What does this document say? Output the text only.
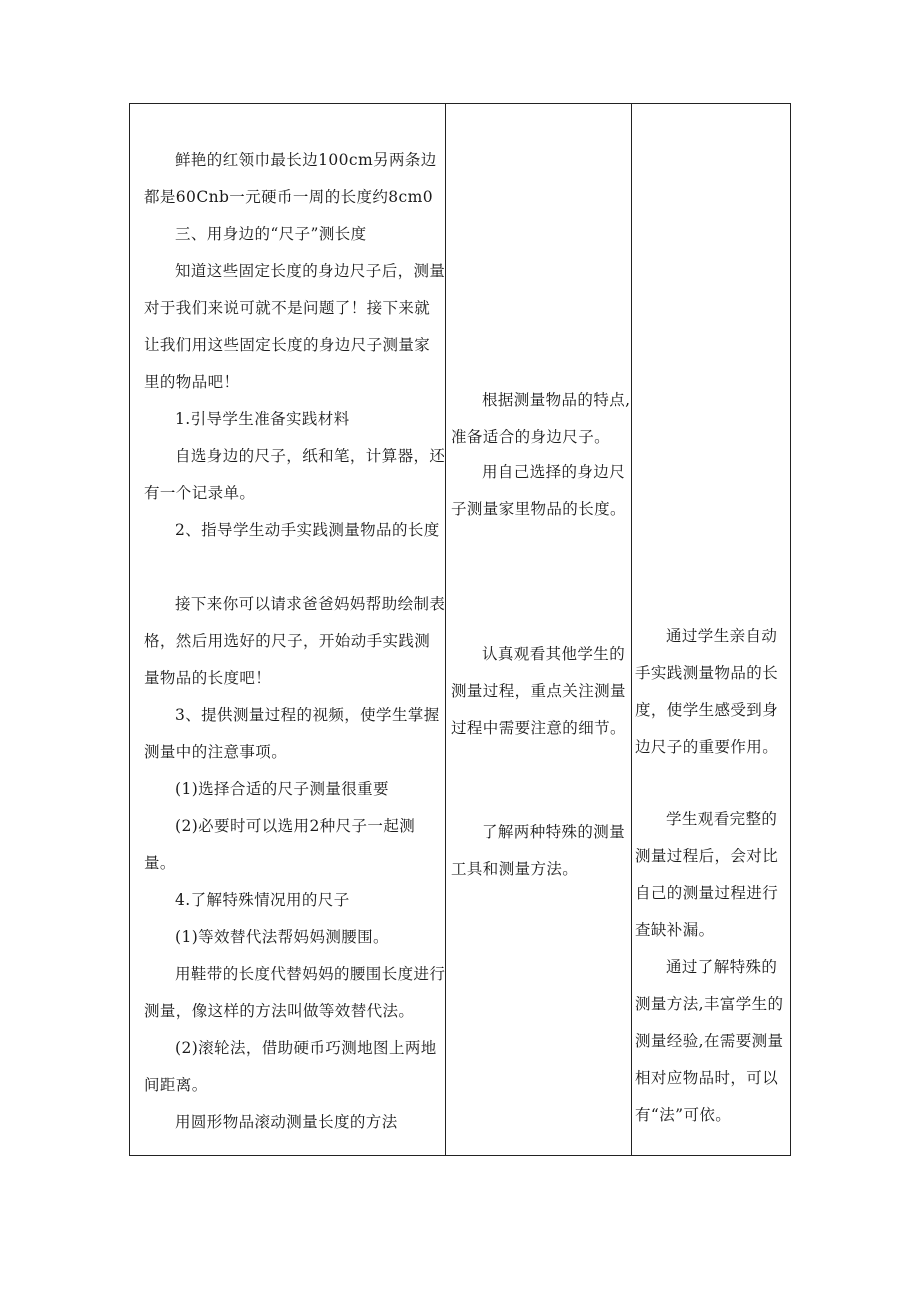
鲜艳的红领巾最长边100cm另两条边都是60Cnb一元硬币一周的长度约8cm0

三、用身边的“尺子”测长度

知道这些固定长度的身边尺子后，测量对于我们来说可就不是问题了！接下来就让我们用这些固定长度的身边尺子测量家里的物品吧！

1.引导学生准备实践材料

自选身边的尺子，纸和笔，计算器，还有一个记录单。

2、指导学生动手实践测量物品的长度

接下来你可以请求爸爸妈妈帮助绘制表格，然后用选好的尺子，开始动手实践测量物品的长度吧！

3、提供测量过程的视频，使学生掌握测量中的注意事项。

(1)选择合适的尺子测量很重要

(2)必要时可以选用2种尺子一起测量。

4.了解特殊情况用的尺子

(1)等效替代法帮妈妈测腰围。

用鞋带的长度代替妈妈的腰围长度进行测量，像这样的方法叫做等效替代法。

(2)滚轮法，借助硬币巧测地图上两地间距离。

用圆形物品滚动测量长度的方法

根据测量物品的特点,准备适合的身边尺子。

用自己选择的身边尺子测量家里物品的长度。

认真观看其他学生的测量过程，重点关注测量过程中需要注意的细节。

了解两种特殊的测量工具和测量方法。

通过学生亲自动手实践测量物品的长度，使学生感受到身边尺子的重要作用。

学生观看完整的测量过程后，会对比自己的测量过程进行查缺补漏。

通过了解特殊的测量方法,丰富学生的测量经验,在需要测量相对应物品时，可以有“法”可依。
